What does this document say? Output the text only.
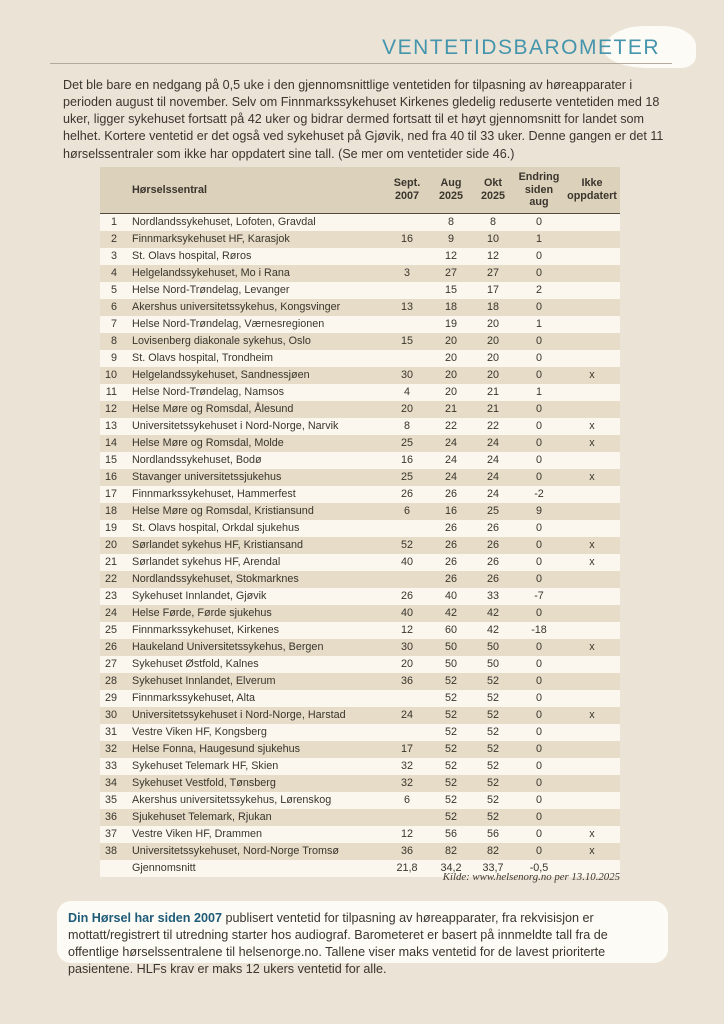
VENTETIDSBAROMETER

Det ble bare en nedgang på 0,5 uke i den gjennomsnittlige ventetiden for tilpasning av høreapparater i perioden august til november. Selv om Finnmarkssykehuset Kirkenes gledelig reduserte ventetiden med 18 uker, ligger sykehuset fortsatt på 42 uker og bidrar dermed fortsatt til et høyt gjennomsnitt for landet som helhet. Kortere ventetid er det også ved sykehuset på Gjøvik, ned fra 40 til 33 uker. Denne gangen er det 11 hørselssentraler som ikke har oppdatert sine tall. (Se mer om ventetider side 46.)

	Hørselssentral	Sept. 2007	Aug 2025	Okt 2025	Endring siden aug	Ikke oppdatert
1	Nordlandssykehuset, Lofoten, Gravdal		8	8	0	
2	Finnmarksykehuset HF, Karasjok	16	9	10	1	
3	St. Olavs hospital, Røros		12	12	0	
4	Helgelandssykehuset, Mo i Rana	3	27	27	0	
5	Helse Nord-Trøndelag, Levanger		15	17	2	
6	Akershus universitetssykehus, Kongsvinger	13	18	18	0	
7	Helse Nord-Trøndelag, Værnesregionen		19	20	1	
8	Lovisenberg diakonale sykehus, Oslo	15	20	20	0	
9	St. Olavs hospital, Trondheim		20	20	0	
10	Helgelandssykehuset, Sandnessjøen	30	20	20	0	x
11	Helse Nord-Trøndelag, Namsos	4	20	21	1	
12	Helse Møre og Romsdal, Ålesund	20	21	21	0	
13	Universitetssykehuset i Nord-Norge, Narvik	8	22	22	0	x
14	Helse Møre og Romsdal, Molde	25	24	24	0	x
15	Nordlandssykehuset, Bodø	16	24	24	0	
16	Stavanger universitetssjukehus	25	24	24	0	x
17	Finnmarkssykehuset, Hammerfest	26	26	24	-2	
18	Helse Møre og Romsdal, Kristiansund	6	16	25	9	
19	St. Olavs hospital, Orkdal sjukehus		26	26	0	
20	Sørlandet sykehus HF, Kristiansand	52	26	26	0	x
21	Sørlandet sykehus HF, Arendal	40	26	26	0	x
22	Nordlandssykehuset, Stokmarknes		26	26	0	
23	Sykehuset Innlandet, Gjøvik	26	40	33	-7	
24	Helse Førde, Førde sjukehus	40	42	42	0	
25	Finnmarkssykehuset, Kirkenes	12	60	42	-18	
26	Haukeland Universitetssykehus, Bergen	30	50	50	0	x
27	Sykehuset Østfold, Kalnes	20	50	50	0	
28	Sykehuset Innlandet, Elverum	36	52	52	0	
29	Finnmarkssykehuset, Alta		52	52	0	
30	Universitetssykehuset i Nord-Norge, Harstad	24	52	52	0	x
31	Vestre Viken HF, Kongsberg		52	52	0	
32	Helse Fonna, Haugesund sjukehus	17	52	52	0	
33	Sykehuset Telemark HF, Skien	32	52	52	0	
34	Sykehuset Vestfold, Tønsberg	32	52	52	0	
35	Akershus universitetssykehus, Lørenskog	6	52	52	0	
36	Sjukehuset Telemark, Rjukan		52	52	0	
37	Vestre Viken HF, Drammen	12	56	56	0	x
38	Universitetssykehuset, Nord-Norge Tromsø	36	82	82	0	x
	Gjennomsnitt	21,8	34,2	33,7	-0,5	
Kilde: www.helsenorg.no per 13.10.2025
Din Hørsel har siden 2007 publisert ventetid for tilpasning av høreapparater, fra rekvisisjon er mottatt/registrert til utredning starter hos audiograf. Barometeret er basert på innmeldte tall fra de offentlige hørselssentralene til helsenorge.no. Tallene viser maks ventetid for de lavest prioriterte pasientene. HLFs krav er maks 12 ukers ventetid for alle.
